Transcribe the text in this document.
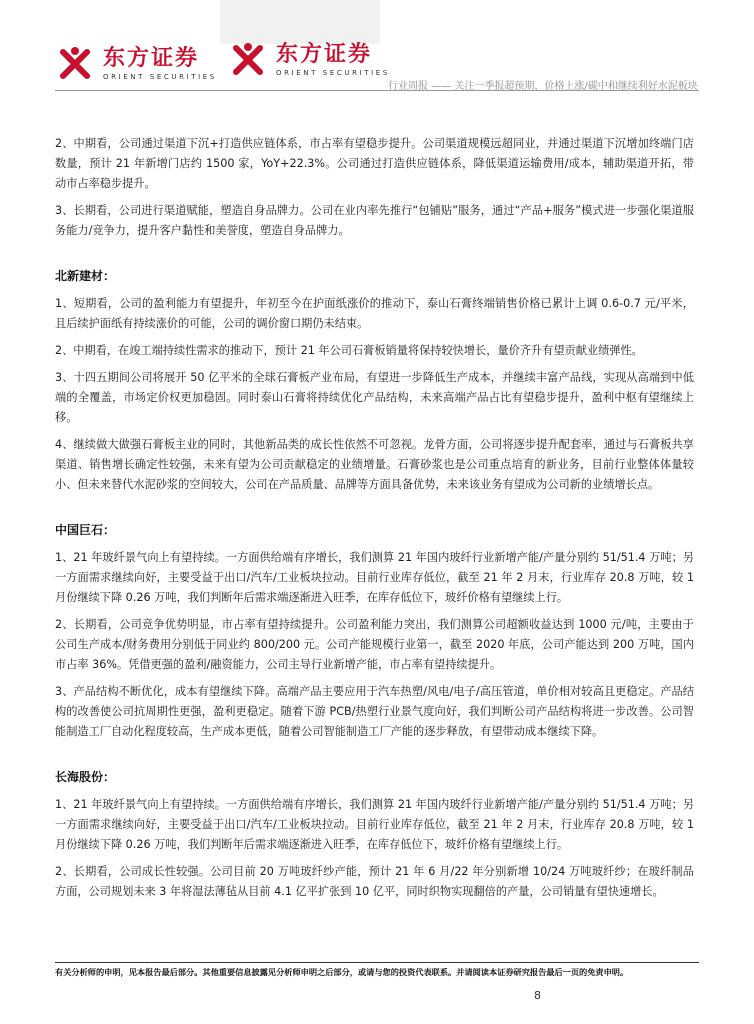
东方证券
ORIENT SECURITIES
东方证券
ORIENT SECURITIES
行业周报 —— 关注一季报超预期，价格上涨/碳中和继续利好水泥板块

2、中期看，公司通过渠道下沉+打造供应链体系，市占率有望稳步提升。公司渠道规模远超同业，并通过渠道下沉增加终端门店数量，预计 21 年新增门店约 1500 家，YoY+22.3%。公司通过打造供应链体系，降低渠道运输费用/成本，辅助渠道开拓，带动市占率稳步提升。

3、长期看，公司进行渠道赋能，塑造自身品牌力。公司在业内率先推行“包铺贴”服务，通过“产品+服务”模式进一步强化渠道服务能力/竞争力，提升客户黏性和美誉度，塑造自身品牌力。

北新建材：

1、短期看，公司的盈利能力有望提升，年初至今在护面纸涨价的推动下，泰山石膏终端销售价格已累计上调 0.6-0.7 元/平米，且后续护面纸有持续涨价的可能，公司的调价窗口期仍未结束。

2、中期看，在竣工端持续性需求的推动下，预计 21 年公司石膏板销量将保持较快增长，量价齐升有望贡献业绩弹性。

3、十四五期间公司将展开 50 亿平米的全球石膏板产业布局，有望进一步降低生产成本，并继续丰富产品线，实现从高端到中低端的全覆盖，市场定价权更加稳固。同时泰山石膏将持续优化产品结构，未来高端产品占比有望稳步提升，盈利中枢有望继续上移。

4、继续做大做强石膏板主业的同时，其他新品类的成长性依然不可忽视。龙骨方面，公司将逐步提升配套率，通过与石膏板共享渠道、销售增长确定性较强，未来有望为公司贡献稳定的业绩增量。石膏砂浆也是公司重点培育的新业务，目前行业整体体量较小、但未来替代水泥砂浆的空间较大，公司在产品质量、品牌等方面具备优势，未来该业务有望成为公司新的业绩增长点。

中国巨石：

1、21 年玻纤景气向上有望持续。一方面供给端有序增长，我们测算 21 年国内玻纤行业新增产能/产量分别约 51/51.4 万吨；另一方面需求继续向好，主要受益于出口/汽车/工业板块拉动。目前行业库存低位，截至 21 年 2 月末，行业库存 20.8 万吨，较 1 月份继续下降 0.26 万吨，我们判断年后需求端逐渐进入旺季，在库存低位下，玻纤价格有望继续上行。

2、长期看，公司竞争优势明显，市占率有望持续提升。公司盈利能力突出，我们测算公司超额收益达到 1000 元/吨，主要由于公司生产成本/财务费用分别低于同业约 800/200 元。公司产能规模行业第一，截至 2020 年底，公司产能达到 200 万吨，国内市占率 36%。凭借更强的盈利/融资能力，公司主导行业新增产能，市占率有望持续提升。

3、产品结构不断优化，成本有望继续下降。高端产品主要应用于汽车热塑/风电/电子/高压管道，单价相对较高且更稳定。产品结构的改善使公司抗周期性更强，盈利更稳定。随着下游 PCB/热塑行业景气度向好，我们判断公司产品结构将进一步改善。公司智能制造工厂自动化程度较高，生产成本更低，随着公司智能制造工厂产能的逐步释放，有望带动成本继续下降。

长海股份：

1、21 年玻纤景气向上有望持续。一方面供给端有序增长，我们测算 21 年国内玻纤行业新增产能/产量分别约 51/51.4 万吨；另一方面需求继续向好，主要受益于出口/汽车/工业板块拉动。目前行业库存低位，截至 21 年 2 月末，行业库存 20.8 万吨，较 1 月份继续下降 0.26 万吨，我们判断年后需求端逐渐进入旺季，在库存低位下，玻纤价格有望继续上行。

2、长期看，公司成长性较强。公司目前 20 万吨玻纤纱产能，预计 21 年 6 月/22 年分别新增 10/24 万吨玻纤纱；在玻纤制品方面，公司规划未来 3 年将湿法薄毡从目前 4.1 亿平扩张到 10 亿平，同时织物实现翻倍的产量，公司销量有望快速增长。

有关分析师的申明，见本报告最后部分。其他重要信息披露见分析师申明之后部分，或请与您的投资代表联系。并请阅读本证券研究报告最后一页的免责申明。
8
